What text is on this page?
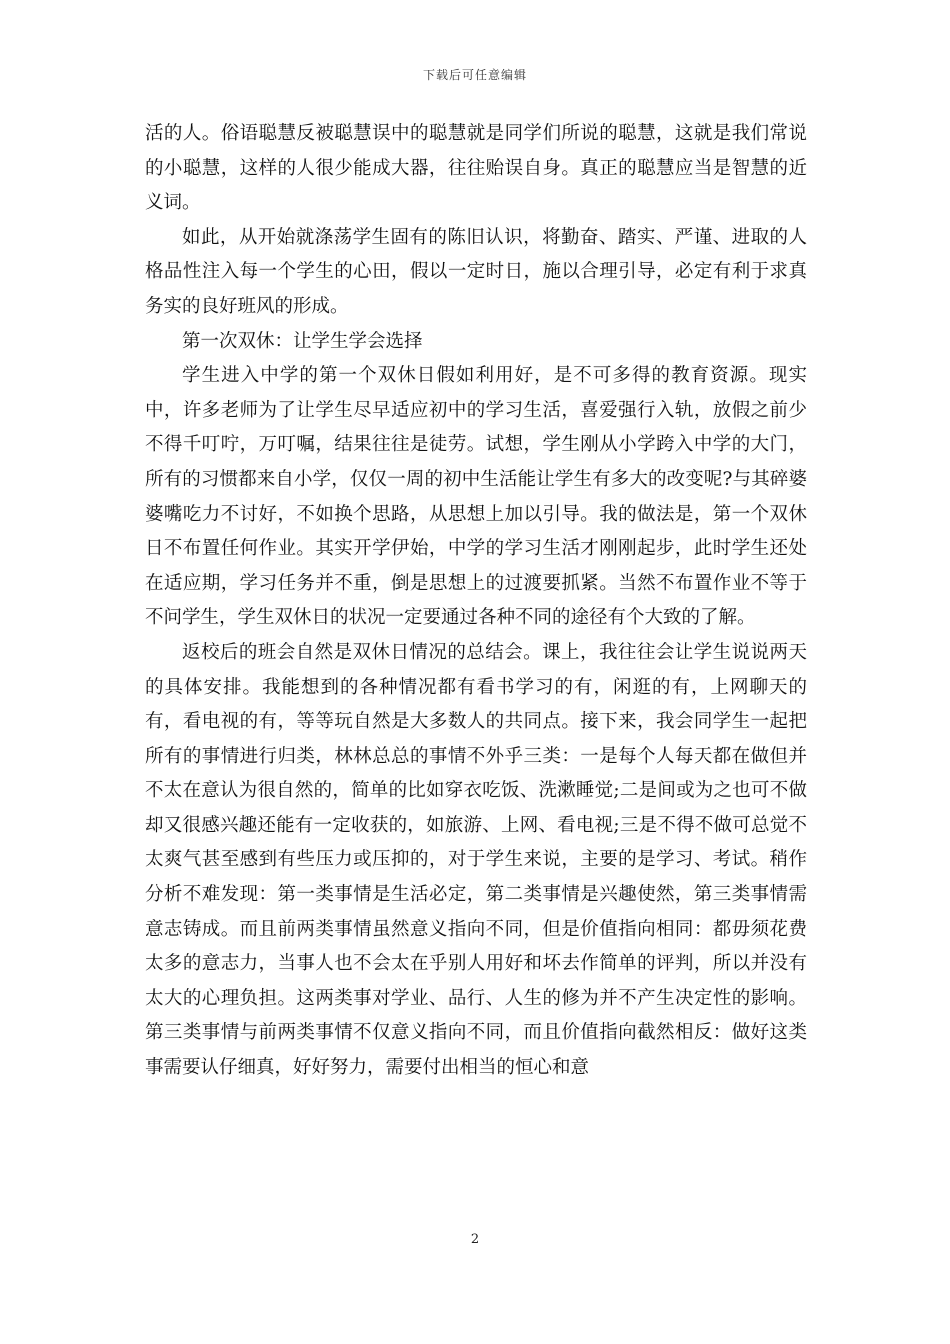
下载后可任意编辑

活的人。俗语聪慧反被聪慧误中的聪慧就是同学们所说的聪慧，这就是我们常说的小聪慧，这样的人很少能成大器，往往贻误自身。真正的聪慧应当是智慧的近义词。

如此，从开始就涤荡学生固有的陈旧认识，将勤奋、踏实、严谨、进取的人格品性注入每一个学生的心田，假以一定时日，施以合理引导，必定有利于求真务实的良好班风的形成。

第一次双休：让学生学会选择

学生进入中学的第一个双休日假如利用好，是不可多得的教育资源。现实中，许多老师为了让学生尽早适应初中的学习生活，喜爱强行入轨，放假之前少不得千叮咛，万叮嘱，结果往往是徒劳。试想，学生刚从小学跨入中学的大门，所有的习惯都来自小学，仅仅一周的初中生活能让学生有多大的改变呢?与其碎婆婆嘴吃力不讨好，不如换个思路，从思想上加以引导。我的做法是，第一个双休日不布置任何作业。其实开学伊始，中学的学习生活才刚刚起步，此时学生还处在适应期，学习任务并不重，倒是思想上的过渡要抓紧。当然不布置作业不等于不问学生，学生双休日的状况一定要通过各种不同的途径有个大致的了解。

返校后的班会自然是双休日情况的总结会。课上，我往往会让学生说说两天的具体安排。我能想到的各种情况都有看书学习的有，闲逛的有，上网聊天的有，看电视的有，等等玩自然是大多数人的共同点。接下来，我会同学生一起把所有的事情进行归类，林林总总的事情不外乎三类：一是每个人每天都在做但并不太在意认为很自然的，简单的比如穿衣吃饭、洗漱睡觉;二是间或为之也可不做却又很感兴趣还能有一定收获的，如旅游、上网、看电视;三是不得不做可总觉不太爽气甚至感到有些压力或压抑的，对于学生来说，主要的是学习、考试。稍作分析不难发现：第一类事情是生活必定，第二类事情是兴趣使然，第三类事情需意志铸成。而且前两类事情虽然意义指向不同，但是价值指向相同：都毋须花费太多的意志力，当事人也不会太在乎别人用好和坏去作简单的评判，所以并没有太大的心理负担。这两类事对学业、品行、人生的修为并不产生决定性的影响。第三类事情与前两类事情不仅意义指向不同，而且价值指向截然相反：做好这类事需要认仔细真，好好努力，需要付出相当的恒心和意

2
